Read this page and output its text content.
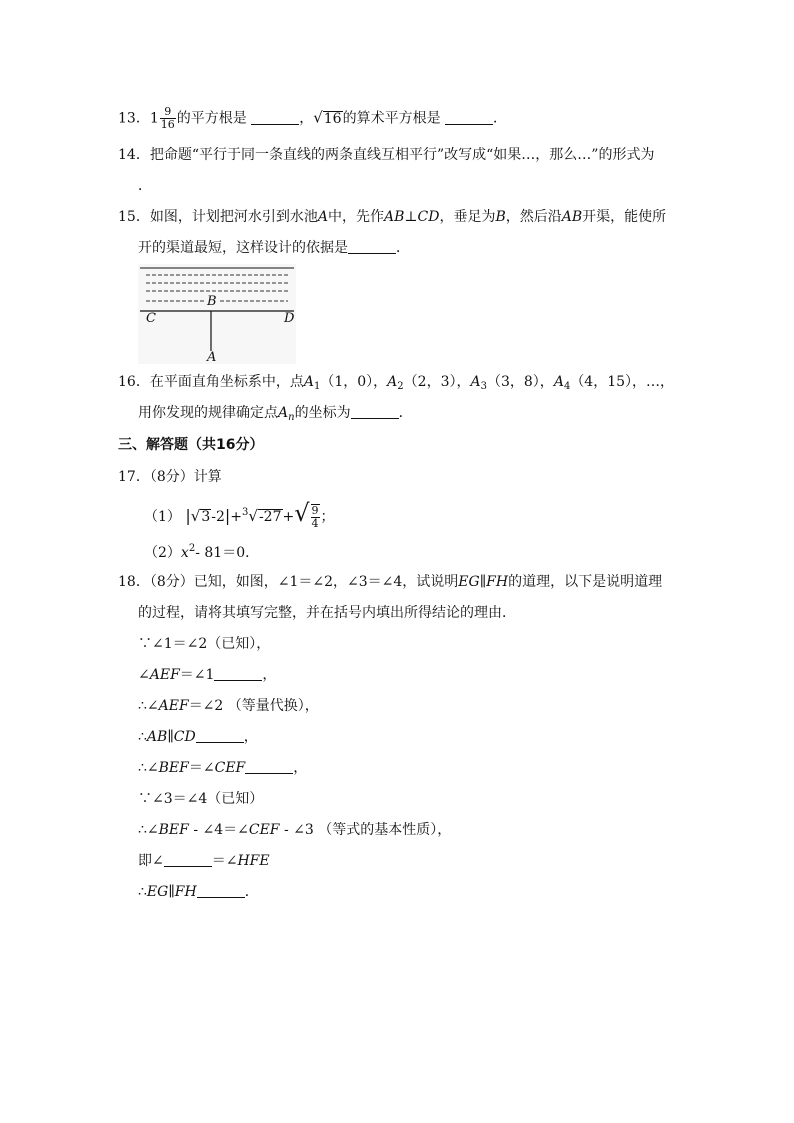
13．$1 \frac{9}{16}$ 的平方根是	，√16的算术平方根是	．
14．把命题“平行于同一条直线的两条直线互相平行”改写成“如果…，那么…”的形式为
．
15．如图，计划把河水引到水池A中，先作AB⊥CD，垂足为B，然后沿AB开渠，能使所
开的渠道最短，这样设计的依据是	．
B
C	D
A
16．在平面直角坐标系中，点$A_1(1$，0），$A_2(2$，3），$A_3(3$，8），$A_4(4$，15），…，
用你发现的规律确定点$A_n$的坐标为	．
三、解答题（共16分）
17．（8分）计算
（1） $|√3-2|+^3√-27+√ \frac{9}{4}$ ；
$(2)x^2-$ 81＝0．
18．（8分）已知，如图，∠1＝∠2，∠3＝∠4，试说明EG∥FH的道理，以下是说明道理
的过程，请将其填写完整，并在括号内填出所得结论的理由．
∵∠1＝∠2（已知），
∠AEF＝∠1	，
∴∠AEF＝∠2 （等量代换），
∴AB∥CD	，
∴∠BEF＝∠CEF	，
∵∠3＝∠4（已知）
∴∠BEF - ∠4＝∠CEF - ∠3 （等式的基本性质），
即∠	＝∠HFE
∴EG∥FH	．
